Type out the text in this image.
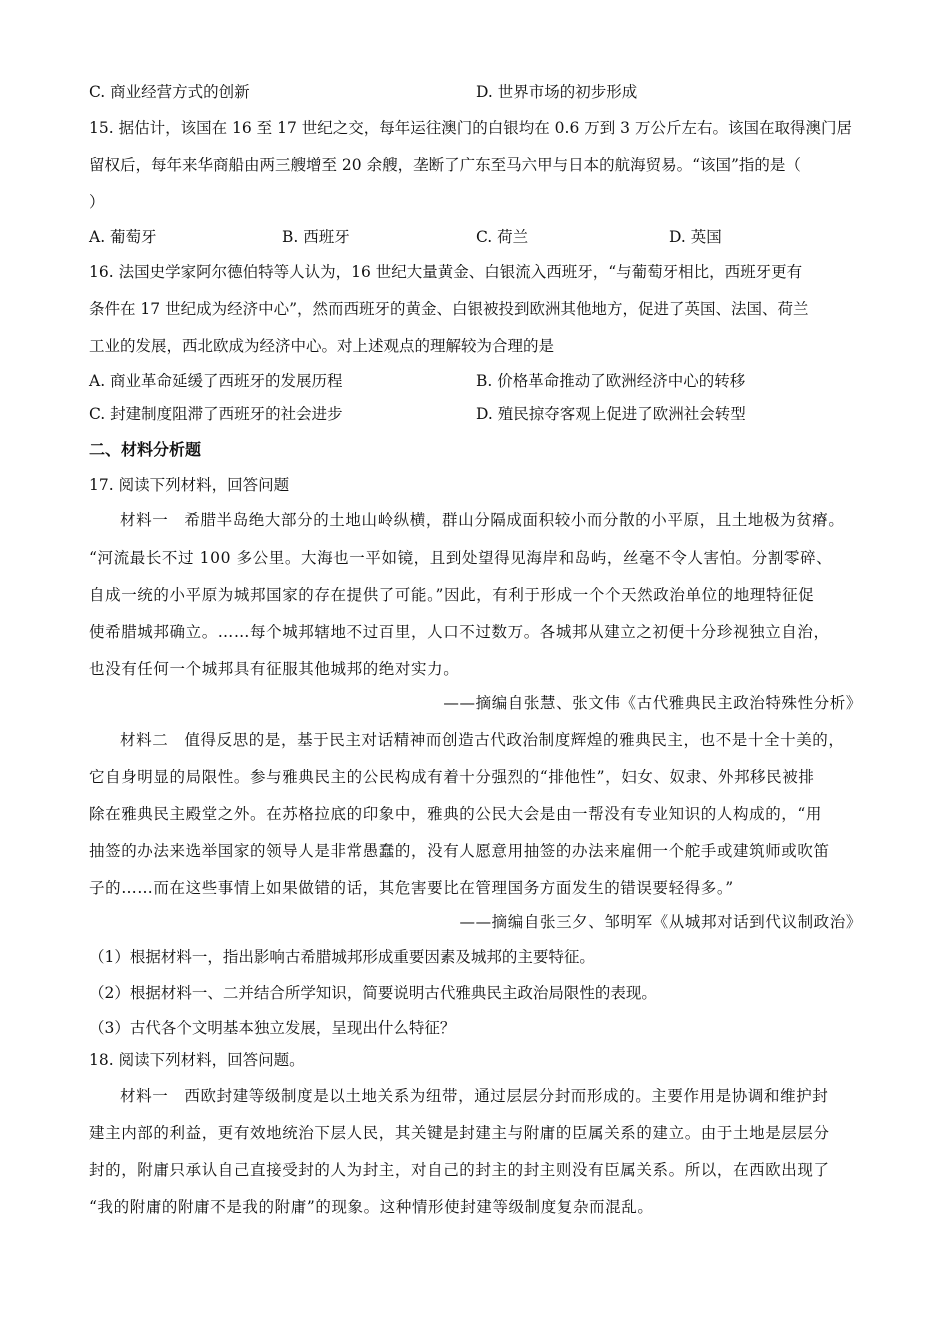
C. 商业经营方式的创新	D. 世界市场的初步形成
15. 据估计，该国在 16 至 17 世纪之交，每年运往澳门的白银均在 0.6 万到 3 万公斤左右。该国在取得澳门居
留权后，每年来华商船由两三艘增至 20 余艘，垄断了广东至马六甲与日本的航海贸易。“该国”指的是（
）
A. 葡萄牙	B. 西班牙	C. 荷兰	D. 英国
16. 法国史学家阿尔德伯特等人认为，16 世纪大量黄金、白银流入西班牙，“与葡萄牙相比，西班牙更有
条件在 17 世纪成为经济中心”，然而西班牙的黄金、白银被投到欧洲其他地方，促进了英国、法国、荷兰
工业的发展，西北欧成为经济中心。对上述观点的理解较为合理的是
A. 商业革命延缓了西班牙的发展历程	B. 价格革命推动了欧洲经济中心的转移
C. 封建制度阻滞了西班牙的社会进步	D. 殖民掠夺客观上促进了欧洲社会转型
二、材料分析题
17. 阅读下列材料，回答问题
材料一　希腊半岛绝大部分的土地山岭纵横，群山分隔成面积较小而分散的小平原，且土地极为贫瘠。
“河流最长不过 100 多公里。大海也一平如镜，且到处望得见海岸和岛屿，丝毫不令人害怕。分割零碎、
自成一统的小平原为城邦国家的存在提供了可能。”因此，有利于形成一个个天然政治单位的地理特征促
使希腊城邦确立。……每个城邦辖地不过百里，人口不过数万。各城邦从建立之初便十分珍视独立自治，
也没有任何一个城邦具有征服其他城邦的绝对实力。
——摘编自张慧、张文伟《古代雅典民主政治特殊性分析》
材料二　值得反思的是，基于民主对话精神而创造古代政治制度辉煌的雅典民主，也不是十全十美的，
它自身明显的局限性。参与雅典民主的公民构成有着十分强烈的“排他性”，妇女、奴隶、外邦移民被排
除在雅典民主殿堂之外。在苏格拉底的印象中，雅典的公民大会是由一帮没有专业知识的人构成的，“用
抽签的办法来选举国家的领导人是非常愚蠢的，没有人愿意用抽签的办法来雇佣一个舵手或建筑师或吹笛
子的……而在这些事情上如果做错的话，其危害要比在管理国务方面发生的错误要轻得多。”
——摘编自张三夕、邹明军《从城邦对话到代议制政治》
（1）根据材料一，指出影响古希腊城邦形成重要因素及城邦的主要特征。
（2）根据材料一、二并结合所学知识，简要说明古代雅典民主政治局限性的表现。
（3）古代各个文明基本独立发展，呈现出什么特征？
18. 阅读下列材料，回答问题。
材料一　西欧封建等级制度是以土地关系为纽带，通过层层分封而形成的。主要作用是协调和维护封
建主内部的利益，更有效地统治下层人民，其关键是封建主与附庸的臣属关系的建立。由于土地是层层分
封的，附庸只承认自己直接受封的人为封主，对自己的封主的封主则没有臣属关系。所以，在西欧出现了
“我的附庸的附庸不是我的附庸”的现象。这种情形使封建等级制度复杂而混乱。
